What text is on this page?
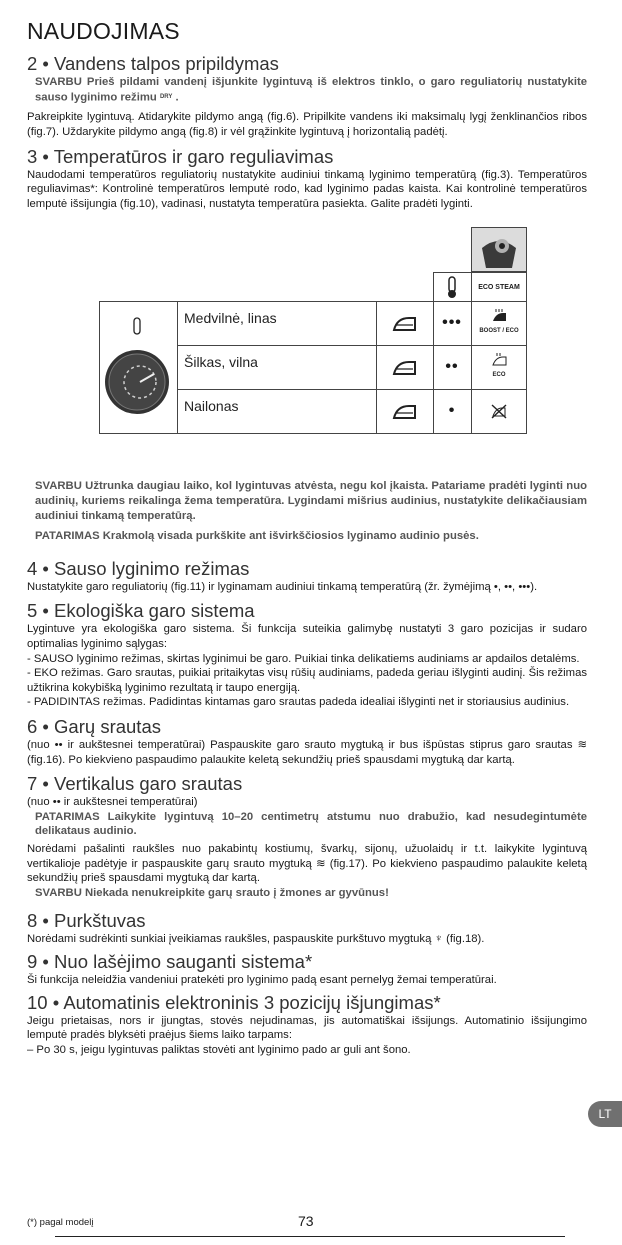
NAUDOJIMAS
2 • Vandens talpos pripildymas

SVARBU Prieš pildami vandenį išjunkite lygintuvą iš elektros tinklo, o garo reguliatorių nustatykite sauso lyginimo režimu DRY .

Pakreipkite lygintuvą. Atidarykite pildymo angą (fig.6). Pripilkite vandens iki maksimalų lygį ženklinančios ribos (fig.7). Uždarykite pildymo angą (fig.8) ir vėl grąžinkite lygintuvą į horizontalią padėtį.

3 • Temperatūros ir garo reguliavimas

Naudodami temperatūros reguliatorių nustatykite audiniui tinkamą lyginimo temperatūrą (fig.3). Temperatūros reguliavimas*: Kontrolinė temperatūros lemputė rodo, kad lyginimo padas kaista. Kai kontrolinė temperatūros lemputė išsijungia (fig.10), vadinasi, nustatyta temperatūra pasiekta. Galite pradėti lyginti.

ECO STEAM
Medvilnė, linas
Šilkas, vilna
Nailonas
•••
••
•
BOOST / ECO
ECO

SVARBU Užtrunka daugiau laiko, kol lygintuvas atvėsta, negu kol įkaista. Patariame pradėti lyginti nuo audinių, kuriems reikalinga žema temperatūra. Lygindami mišrius audinius, nustatykite delikačiausiam audiniui tinkamą temperatūrą.

PATARIMAS Krakmolą visada purkškite ant išvirkščiosios lyginamo audinio pusės.

4 • Sauso lyginimo režimas

Nustatykite garo reguliatorių (fig.11) ir lyginamam audiniui tinkamą temperatūrą (žr. žymėjimą •, ••, •••).

5 • Ekologiška garo sistema

Lygintuve yra ekologiška garo sistema. Ši funkcija suteikia galimybę nustatyti 3 garo pozicijas ir sudaro optimalias lyginimo sąlygas:

- SAUSO lyginimo režimas, skirtas lyginimui be garo. Puikiai tinka delikatiems audiniams ar apdailos detalėms.

- EKO režimas. Garo srautas, puikiai pritaikytas visų rūšių audiniams, padeda geriau išlyginti audinį. Šis režimas užtikrina kokybišką lyginimo rezultatą ir taupo energiją.

- PADIDINTAS režimas. Padidintas kintamas garo srautas padeda idealiai išlyginti net ir storiausius audinius.

6 • Garų srautas

(nuo •• ir aukštesnei temperatūrai) Paspauskite garo srauto mygtuką ir bus išpūstas stiprus garo srautas ≋ (fig.16). Po kiekvieno paspaudimo palaukite keletą sekundžių prieš spausdami mygtuką dar kartą.

7 • Vertikalus garo srautas

(nuo •• ir aukštesnei temperatūrai)

PATARIMAS Laikykite lygintuvą 10–20 centimetrų atstumu nuo drabužio, kad nesudegintumėte delikataus audinio.

Norėdami pašalinti raukšles nuo pakabintų kostiumų, švarkų, sijonų, užuolaidų ir t.t. laikykite lygintuvą vertikalioje padėtyje ir paspauskite garų srauto mygtuką ≋ (fig.17). Po kiekvieno paspaudimo palaukite keletą sekundžių prieš spausdami mygtuką dar kartą.

SVARBU Niekada nenukreipkite garų srauto į žmones ar gyvūnus!

8 • Purkštuvas

Norėdami sudrėkinti sunkiai įveikiamas raukšles, paspauskite purkštuvo mygtuką ♆ (fig.18).

9 • Nuo lašėjimo sauganti sistema*

Ši funkcija neleidžia vandeniui pratekėti pro lyginimo padą esant pernelyg žemai temperatūrai.

10 • Automatinis elektroninis 3 pozicijų išjungimas*

Jeigu prietaisas, nors ir įjungtas, stovės nejudinamas, jis automatiškai išsijungs. Automatinio išsijungimo lemputė pradės blyksėti praėjus šiems laiko tarpams:

– Po 30 s, jeigu lygintuvas paliktas stovėti ant lyginimo pado ar guli ant šono.

LT
(*) pagal modelį	73
